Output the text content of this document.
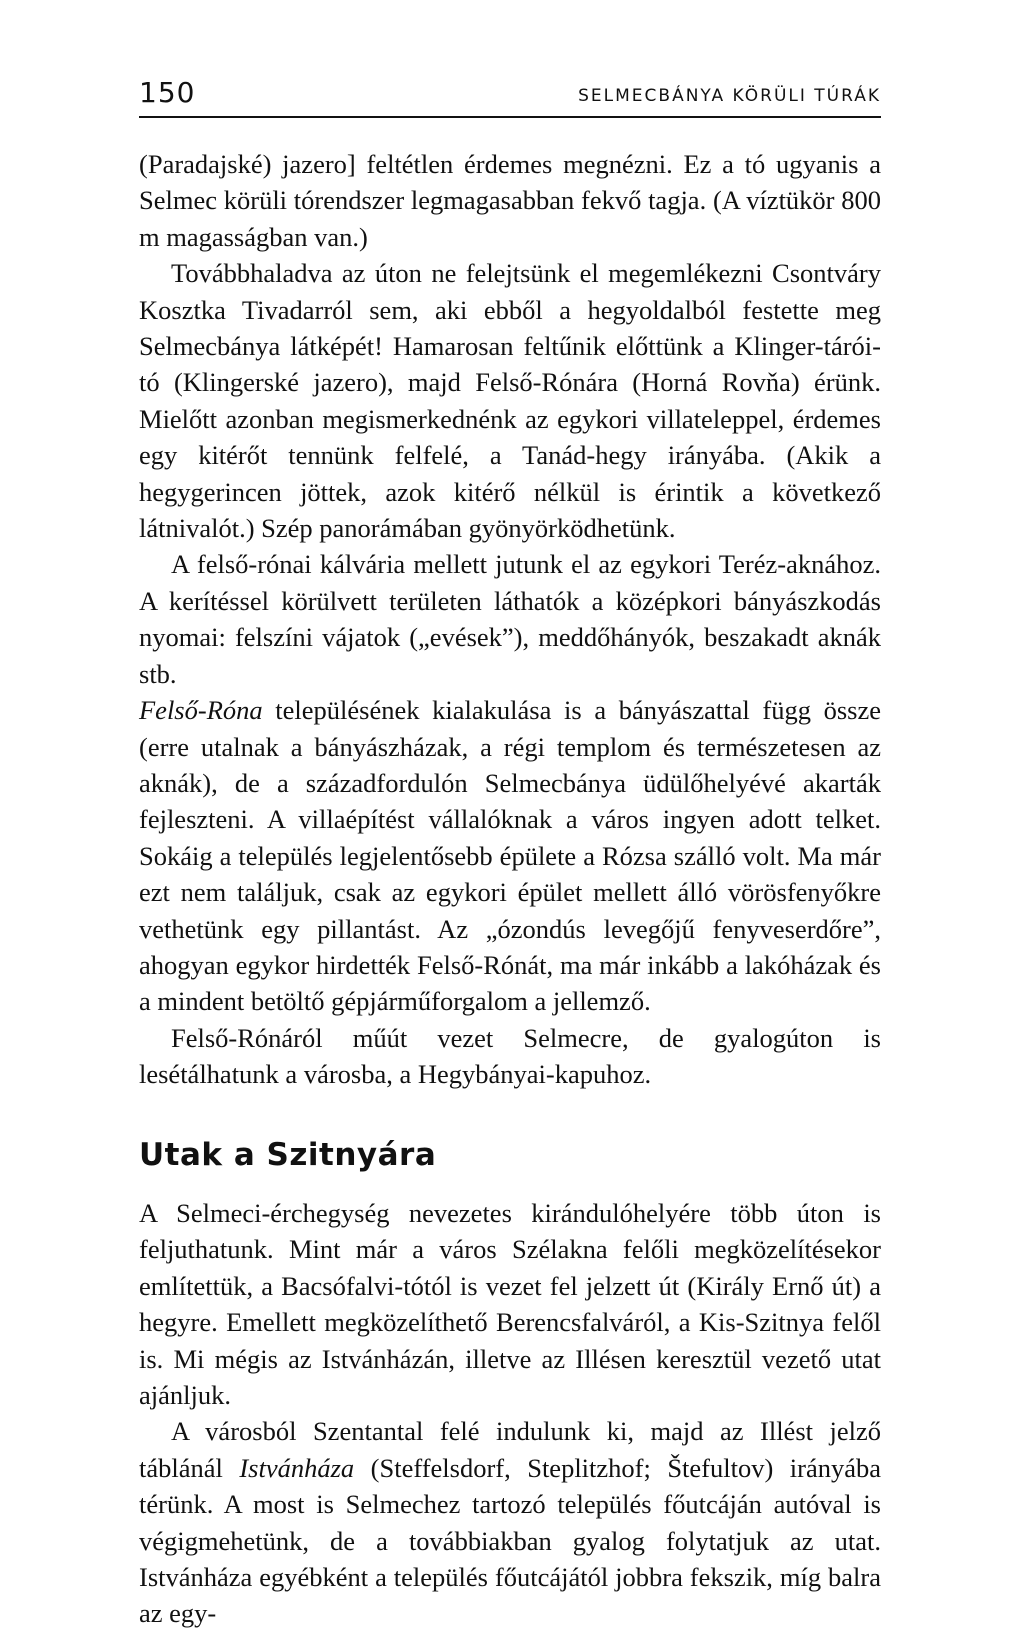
150	SELMECBÁNYA KÖRÜLI TÚRÁK

(Paradajské) jazero] feltétlen érdemes megnézni. Ez a tó ugyanis a Selmec körüli tórendszer legmagasabban fekvő tagja. (A víztükör 800 m magasságban van.)

Továbbhaladva az úton ne felejtsünk el megemlékezni Csontváry Kosztka Tivadarról sem, aki ebből a hegyoldalból festette meg Selmecbánya látképét! Hamarosan feltűnik előttünk a Klinger-tárói-tó (Klingerské jazero), majd Felső-Rónára (Horná Rovňa) érünk. Mielőtt azonban megismerkednénk az egykori villateleppel, érdemes egy kitérőt tennünk felfelé, a Tanád-hegy irányába. (Akik a hegygerincen jöttek, azok kitérő nélkül is érintik a következő látnivalót.) Szép panorámában gyönyörködhetünk.

A felső-rónai kálvária mellett jutunk el az egykori Teréz-aknához. A kerítéssel körülvett területen láthatók a középkori bányászkodás nyomai: felszíni vájatok („evések”), meddőhányók, beszakadt aknák stb.

Felső-Róna településének kialakulása is a bányászattal függ össze (erre utalnak a bányászházak, a régi templom és természetesen az aknák), de a századfordulón Selmecbánya üdülőhelyévé akarták fejleszteni. A villaépítést vállalóknak a város ingyen adott telket. Sokáig a település legjelentősebb épülete a Rózsa szálló volt. Ma már ezt nem találjuk, csak az egykori épület mellett álló vörösfenyőkre vethetünk egy pillantást. Az „ózondús levegőjű fenyveserdőre”, ahogyan egykor hirdették Felső-Rónát, ma már inkább a lakóházak és a mindent betöltő gépjárműforgalom a jellemző.

Felső-Rónáról műút vezet Selmecre, de gyalogúton is lesétálhatunk a városba, a Hegybányai-kapuhoz.

Utak a Szitnyára

A Selmeci-érchegység nevezetes kirándulóhelyére több úton is feljuthatunk. Mint már a város Szélakna felőli megközelítésekor említettük, a Bacsófalvi-tótól is vezet fel jelzett út (Király Ernő út) a hegyre. Emellett megközelíthető Berencsfalváról, a Kis-Szitnya felől is. Mi mégis az Istvánházán, illetve az Illésen keresztül vezető utat ajánljuk.

A városból Szentantal felé indulunk ki, majd az Illést jelző táblánál Istvánháza (Steffelsdorf, Steplitzhof; Štefultov) irányába térünk. A most is Selmechez tartozó település főutcáján autóval is végigmehetünk, de a továbbiakban gyalog folytatjuk az utat. Istvánháza egyébként a település főutcájától jobbra fekszik, míg balra az egy-
